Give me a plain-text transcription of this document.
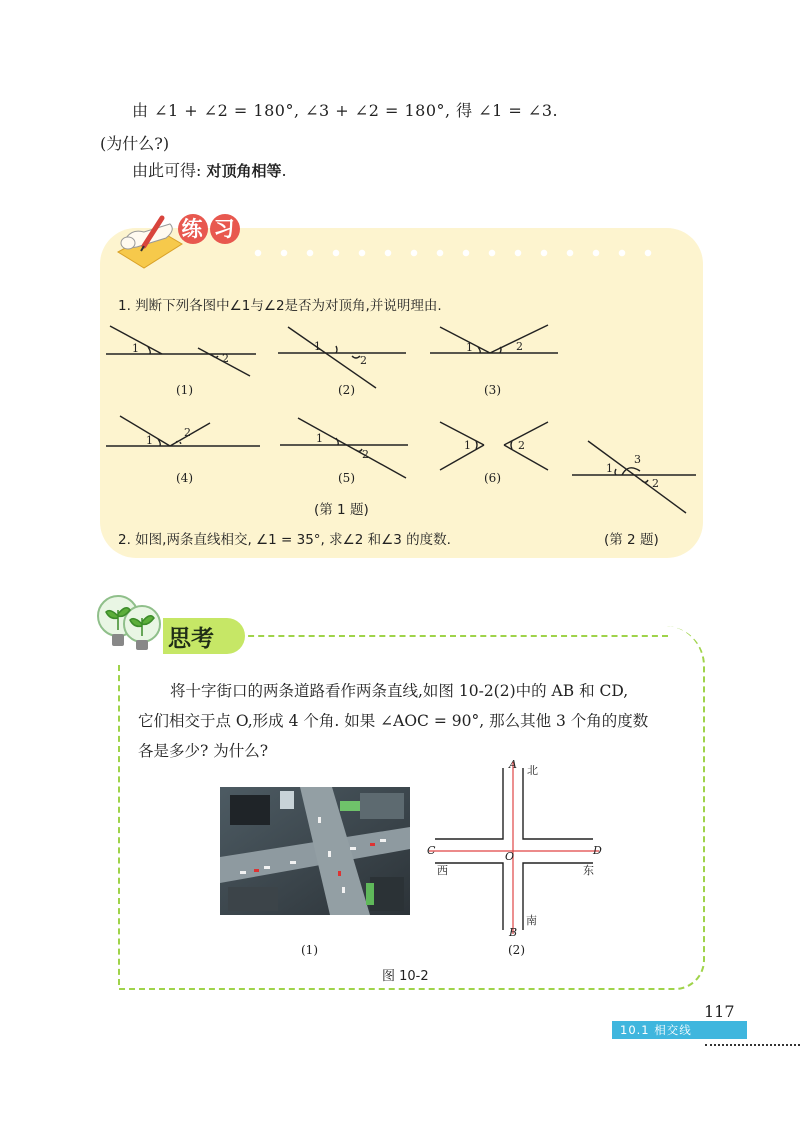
由 ∠1 + ∠2 = 180°, ∠3 + ∠2 = 180°, 得 ∠1 = ∠3.
(为什么?)
由此可得: 对顶角相等.
练 习
1. 判断下列各图中∠1与∠2是否为对顶角,并说明理由.
1
2
1
2
1	2
1
2	1
2
1	2
(1)	(2)	(3)
(4)	(5)	(6)
1
3
2
(第 1 题)
2. 如图,两条直线相交, ∠1 = 35°, 求∠2 和∠3 的度数.	(第 2 题)
思考
将十字街口的两条道路看作两条直线,如图 10-2(2)中的 AB 和 CD,
它们相交于点 O,形成 4 个角. 如果 ∠AOC = 90°, 那么其他 3 个角的度数
各是多少? 为什么?
A
B
C	D
O
北
南
西	东
(1)	(2)
图 10-2
117
10.1 相交线
